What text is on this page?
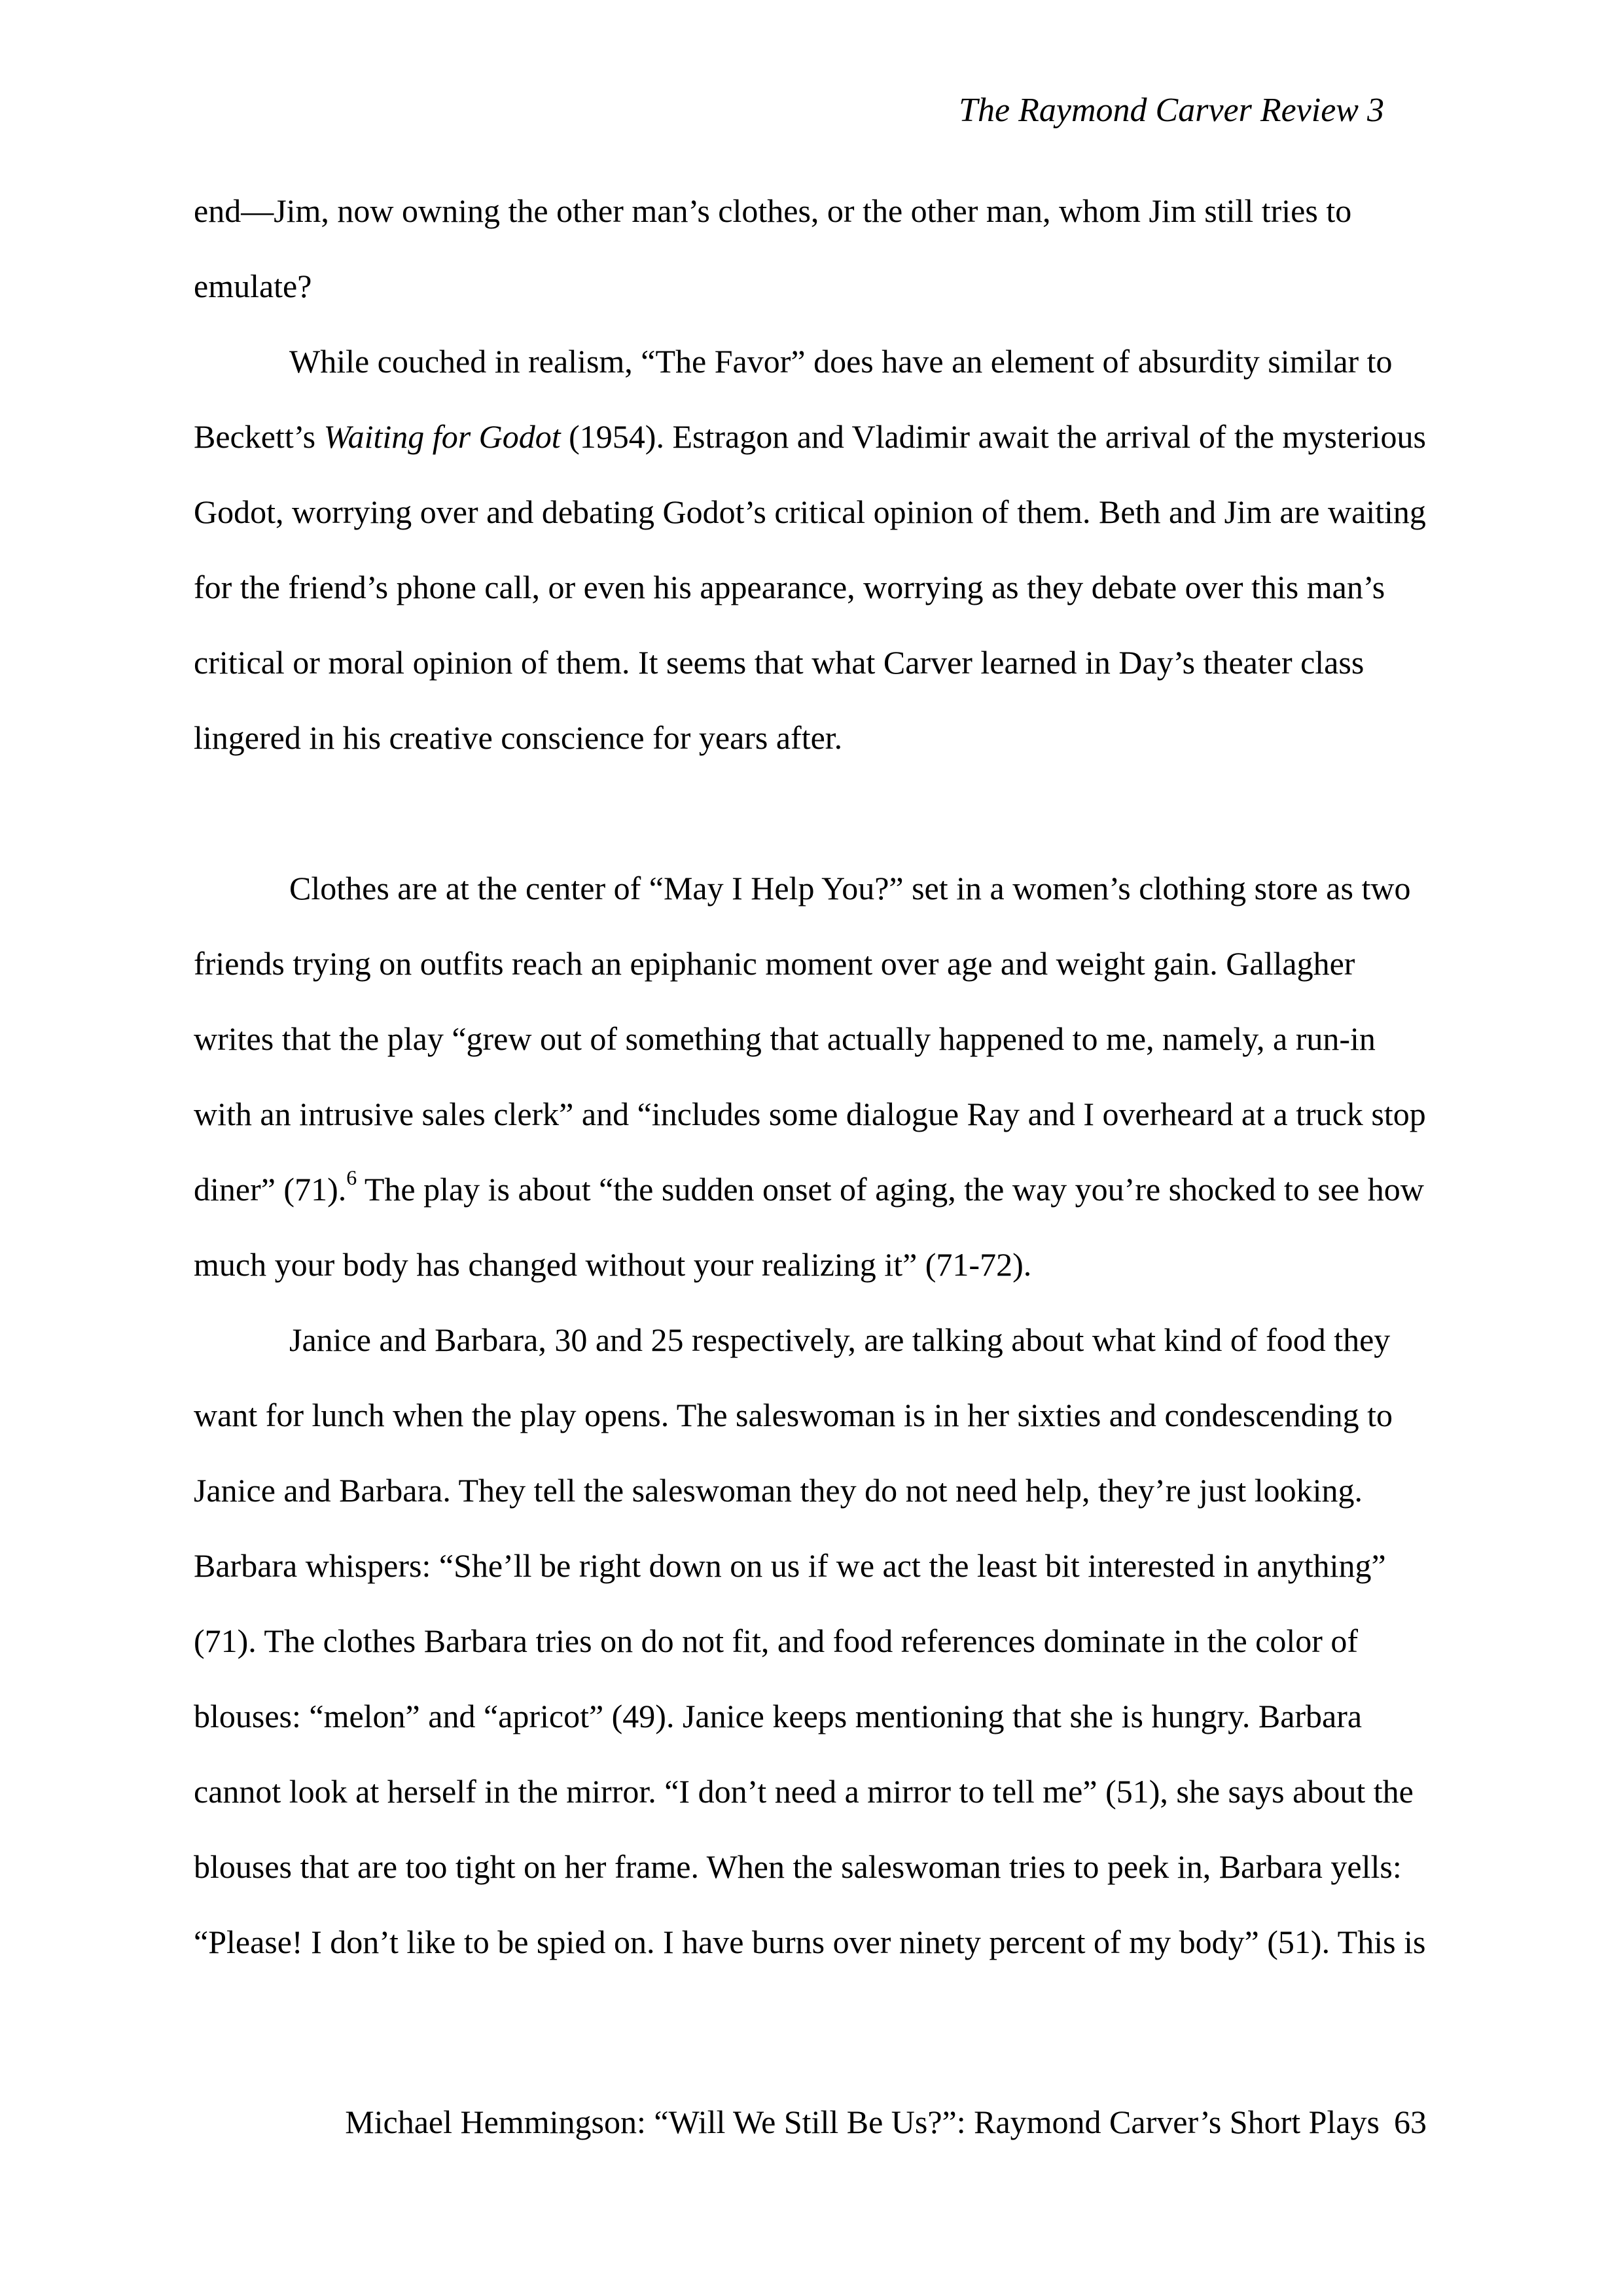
The Raymond Carver Review 3

end—Jim, now owning the other man’s clothes, or the other man, whom Jim still tries to emulate?

While couched in realism, “The Favor” does have an element of absurdity similar to Beckett’s Waiting for Godot (1954). Estragon and Vladimir await the arrival of the mysterious Godot, worrying over and debating Godot’s critical opinion of them. Beth and Jim are waiting for the friend’s phone call, or even his appearance, worrying as they debate over this man’s critical or moral opinion of them. It seems that what Carver learned in Day’s theater class lingered in his creative conscience for years after.

Clothes are at the center of “May I Help You?” set in a women’s clothing store as two friends trying on outfits reach an epiphanic moment over age and weight gain. Gallagher writes that the play “grew out of something that actually happened to me, namely, a run-in with an intrusive sales clerk” and “includes some dialogue Ray and I overheard at a truck stop diner” (71).$^6$ The play is about “the sudden onset of aging, the way you’re shocked to see how much your body has changed without your realizing it” (71-72).

Janice and Barbara, 30 and 25 respectively, are talking about what kind of food they want for lunch when the play opens. The saleswoman is in her sixties and condescending to Janice and Barbara. They tell the saleswoman they do not need help, they’re just looking. Barbara whispers: “She’ll be right down on us if we act the least bit interested in anything” (71). The clothes Barbara tries on do not fit, and food references dominate in the color of blouses: “melon” and “apricot” (49). Janice keeps mentioning that she is hungry. Barbara cannot look at herself in the mirror. “I don’t need a mirror to tell me” (51), she says about the blouses that are too tight on her frame. When the saleswoman tries to peek in, Barbara yells: “Please! I don’t like to be spied on. I have burns over ninety percent of my body” (51). This is

Michael Hemmingson: “Will We Still Be Us?”: Raymond Carver’s Short Plays 63
